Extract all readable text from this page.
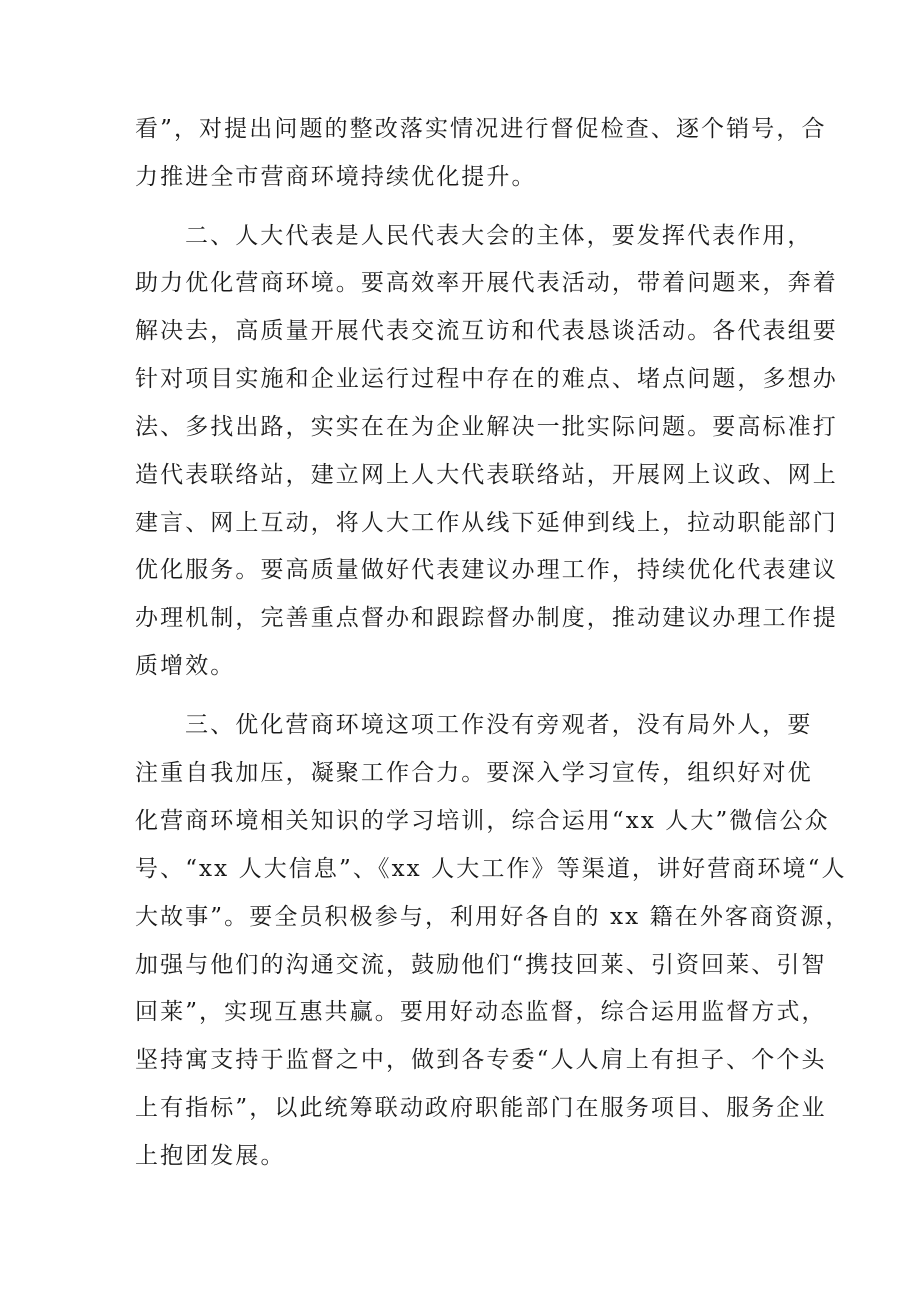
看”，对提出问题的整改落实情况进行督促检查、逐个销号，合
力推进全市营商环境持续优化提升。
二、人大代表是人民代表大会的主体，要发挥代表作用，
助力优化营商环境。要高效率开展代表活动，带着问题来，奔着
解决去，高质量开展代表交流互访和代表恳谈活动。各代表组要
针对项目实施和企业运行过程中存在的难点、堵点问题，多想办
法、多找出路，实实在在为企业解决一批实际问题。要高标准打
造代表联络站，建立网上人大代表联络站，开展网上议政、网上
建言、网上互动，将人大工作从线下延伸到线上，拉动职能部门
优化服务。要高质量做好代表建议办理工作，持续优化代表建议
办理机制，完善重点督办和跟踪督办制度，推动建议办理工作提
质增效。
三、优化营商环境这项工作没有旁观者，没有局外人，要
注重自我加压，凝聚工作合力。要深入学习宣传，组织好对优
化营商环境相关知识的学习培训，综合运用“xx 人大”微信公众
号、“xx 人大信息”、《xx 人大工作》等渠道，讲好营商环境“人
大故事”。要全员积极参与，利用好各自的 xx 籍在外客商资源，
加强与他们的沟通交流，鼓励他们“携技回莱、引资回莱、引智
回莱”，实现互惠共赢。要用好动态监督，综合运用监督方式，
坚持寓支持于监督之中，做到各专委“人人肩上有担子、个个头
上有指标”，以此统筹联动政府职能部门在服务项目、服务企业
上抱团发展。
